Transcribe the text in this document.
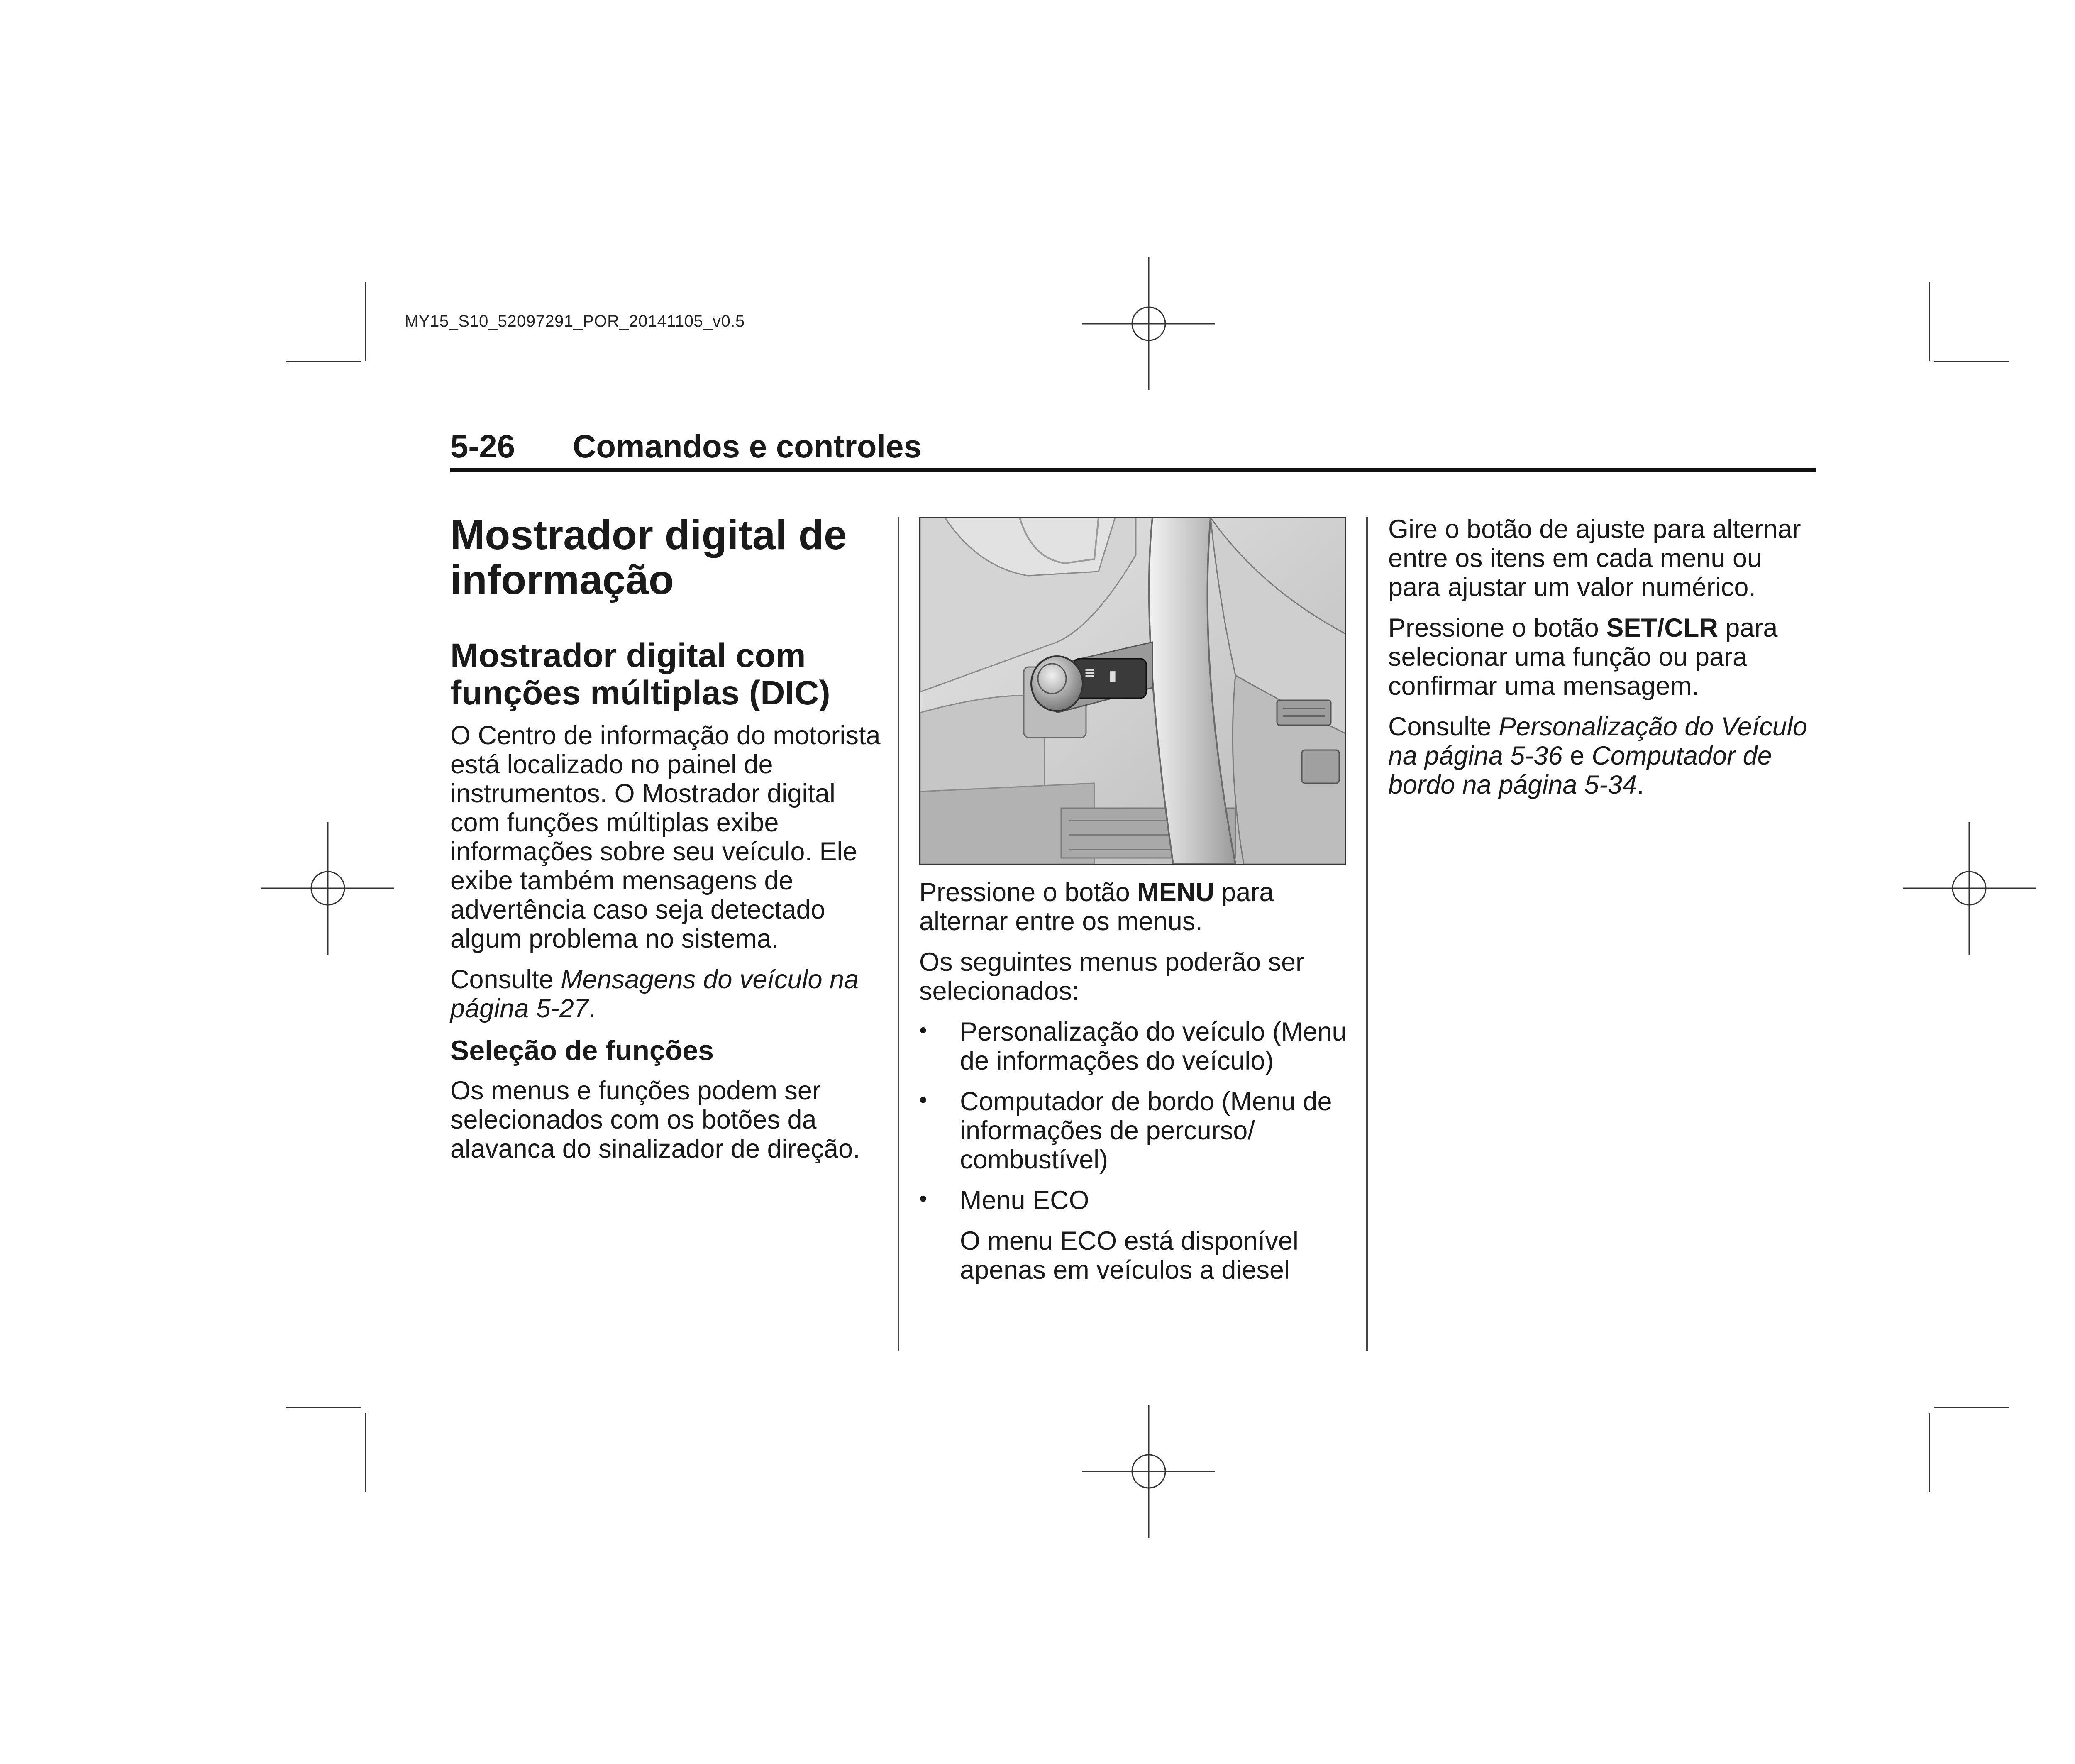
MY15_S10_52097291_POR_20141105_v0.5
5-26 Comandos e controles
Mostrador digital de informação
Mostrador digital com funções múltiplas (DIC)

O Centro de informação do motorista está localizado no painel de instrumentos. O Mostrador digital com funções múltiplas exibe informações sobre seu veículo. Ele exibe também mensagens de advertência caso seja detectado algum problema no sistema.

Consulte Mensagens do veículo na página 5-27.

Seleção de funções

Os menus e funções podem ser selecionados com os botões da alavanca do sinalizador de direção.

≡ ▮

Pressione o botão MENU para alternar entre os menus.

Os seguintes menus poderão ser selecionados:

• Personalização do veículo (Menu de informações do veículo)
• Computador de bordo (Menu de informações de percurso/ combustível)
• Menu ECO
O menu ECO está disponível apenas em veículos a diesel

Gire o botão de ajuste para alternar entre os itens em cada menu ou para ajustar um valor numérico.

Pressione o botão SET/CLR para selecionar uma função ou para confirmar uma mensagem.

Consulte Personalização do Veículo na página 5-36 e Computador de bordo na página 5-34.
